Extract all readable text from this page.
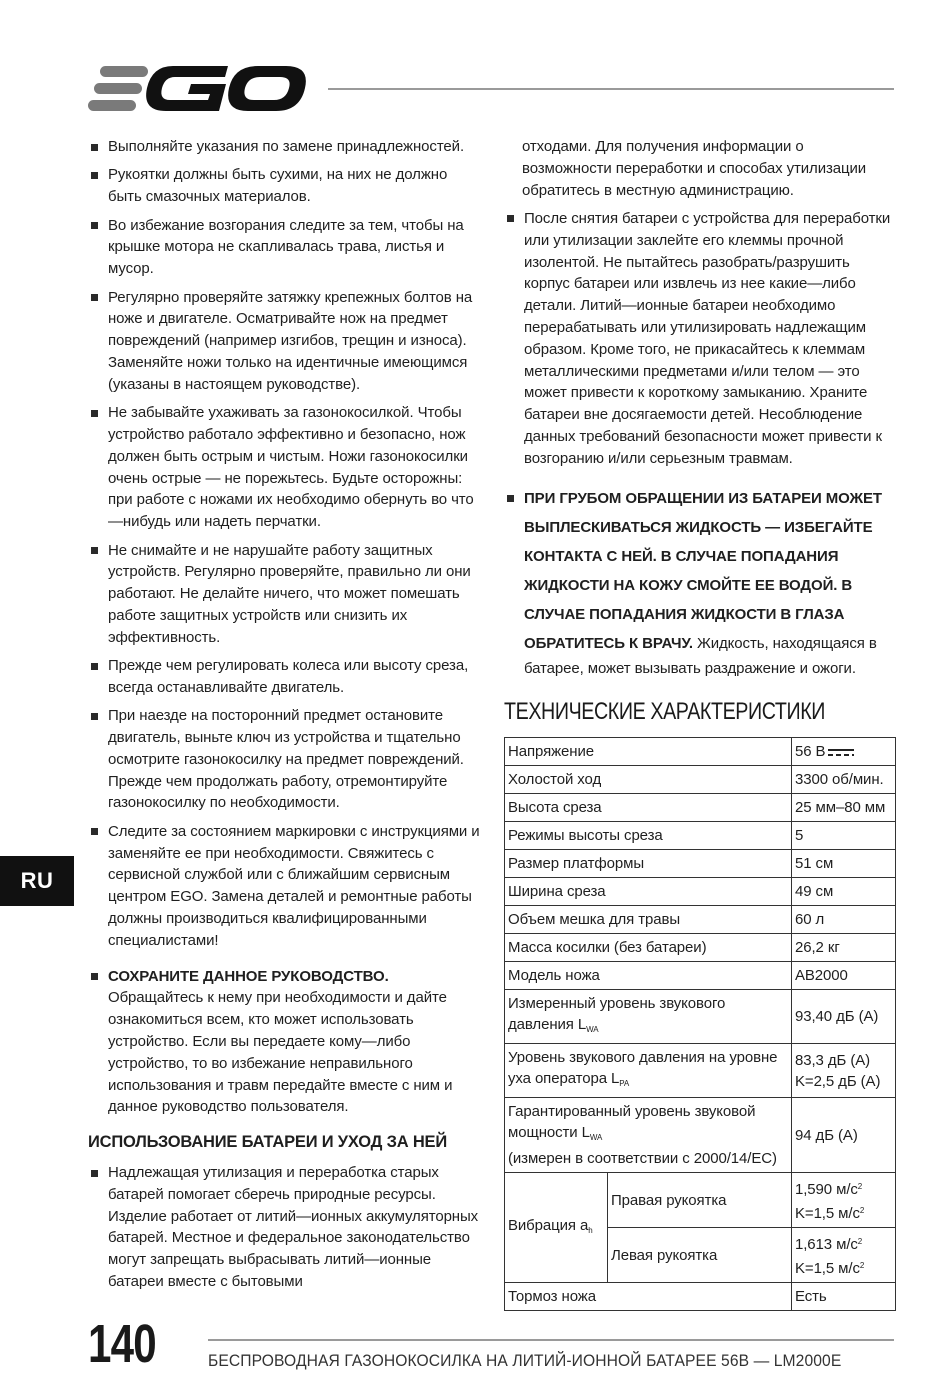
Выполняйте указания по замене принадлежностей.
Рукоятки должны быть сухими, на них не должно быть смазочных материалов.
Во избежание возгорания следите за тем, чтобы на крышке мотора не скапливалась трава, листья и мусор.
Регулярно проверяйте затяжку крепежных болтов на ноже и двигателе. Осматривайте нож на предмет повреждений (например изгибов, трещин и износа). Заменяйте ножи только на идентичные имеющимся (указаны в настоящем руководстве).
Не забывайте ухаживать за газонокосилкой. Чтобы устройство работало эффективно и безопасно, нож должен быть острым и чистым. Ножи газонокосилки очень острые — не порежьтесь. Будьте осторожны: при работе с ножами их необходимо обернуть во что—нибудь или надеть перчатки.
Не снимайте и не нарушайте работу защитных устройств. Регулярно проверяйте, правильно ли они работают. Не делайте ничего, что может помешать работе защитных устройств или снизить их эффективность.
Прежде чем регулировать колеса или высоту среза, всегда останавливайте двигатель.
При наезде на посторонний предмет остановите двигатель, выньте ключ из устройства и тщательно осмотрите газонокосилку на предмет повреждений. Прежде чем продолжать работу, отремонтируйте газонокосилку по необходимости.
Следите за состоянием маркировки с инструкциями и заменяйте ее при необходимости. Свяжитесь с сервисной службой или с ближайшим сервисным центром EGO. Замена деталей и ремонтные работы должны производиться квалифицированными специалистами!
СОХРАНИТЕ ДАННОЕ РУКОВОДСТВО.
Обращайтесь к нему при необходимости и дайте ознакомиться всем, кто может использовать устройство. Если вы передаете кому—либо устройство, то во избежание неправильного использования и травм передайте вместе с ним и данное руководство пользователя.
ИСПОЛЬЗОВАНИЕ БАТАРЕИ И УХОД ЗА НЕЙ
Надлежащая утилизация и переработка старых батарей помогает сберечь природные ресурсы. Изделие работает от литий—ионных аккумуляторных батарей. Местное и федеральное законодательство могут запрещать выбрасывать литий—ионные батареи вместе с бытовыми
отходами. Для получения информации о возможности переработки и способах утилизации обратитесь в местную администрацию.
После снятия батареи с устройства для переработки или утилизации заклейте его клеммы прочной изолентой. Не пытайтесь разобрать/разрушить корпус батареи или извлечь из нее какие—либо детали. Литий—ионные батареи необходимо перерабатывать или утилизировать надлежащим образом. Кроме того, не прикасайтесь к клеммам металлическими предметами и/или телом — это может привести к короткому замыканию. Храните батареи вне досягаемости детей. Несоблюдение данных требований безопасности может привести к возгоранию и/или серьезным травмам.
ПРИ ГРУБОМ ОБРАЩЕНИИ ИЗ БАТАРЕИ МОЖЕТ ВЫПЛЕСКИВАТЬСЯ ЖИДКОСТЬ — ИЗБЕГАЙТЕ КОНТАКТА С НЕЙ. В СЛУЧАЕ ПОПАДАНИЯ ЖИДКОСТИ НА КОЖУ СМОЙТЕ ЕЕ ВОДОЙ. В СЛУЧАЕ ПОПАДАНИЯ ЖИДКОСТИ В ГЛАЗА ОБРАТИТЕСЬ К ВРАЧУ. Жидкость, находящаяся в батарее, может вызывать раздражение и ожоги.
ТЕХНИЧЕСКИЕ ХАРАКТЕРИСТИКИ
Напряжение		56 В
Холостой ход		3300 об/мин.
Высота среза		25 мм–80 мм
Режимы высоты среза		5
Размер платформы		51 см
Ширина среза		49 см
Объем мешка для травы		60 л
Масса косилки (без батареи)		26,2 кг
Модель ножа		AB2000
Измеренный уровень звукового
давления $L_{WA}$		93,40 дБ (A)
Уровень звукового давления на уровне
уха оператора $L_{PA}$		83,3 дБ (A)
K=2,5 дБ (A)
Гарантированный уровень звуковой
мощности $L_{WA}$
(измерен в соответствии с 2000/14/EC)		94 дБ (A)
Вибрация $a_h$	Правая рукоятка	1,590 $м/с^2$
K=1,5 $м/с^2$
	Левая рукоятка	1,613 $м/с^2$
K=1,5 $м/с^2$
Тормоз ножа		Есть
RU
140	БЕСПРОВОДНАЯ ГАЗОНОКОСИЛКА НА ЛИТИЙ-ИОННОЙ БАТАРЕЕ 56В — LM2000E
